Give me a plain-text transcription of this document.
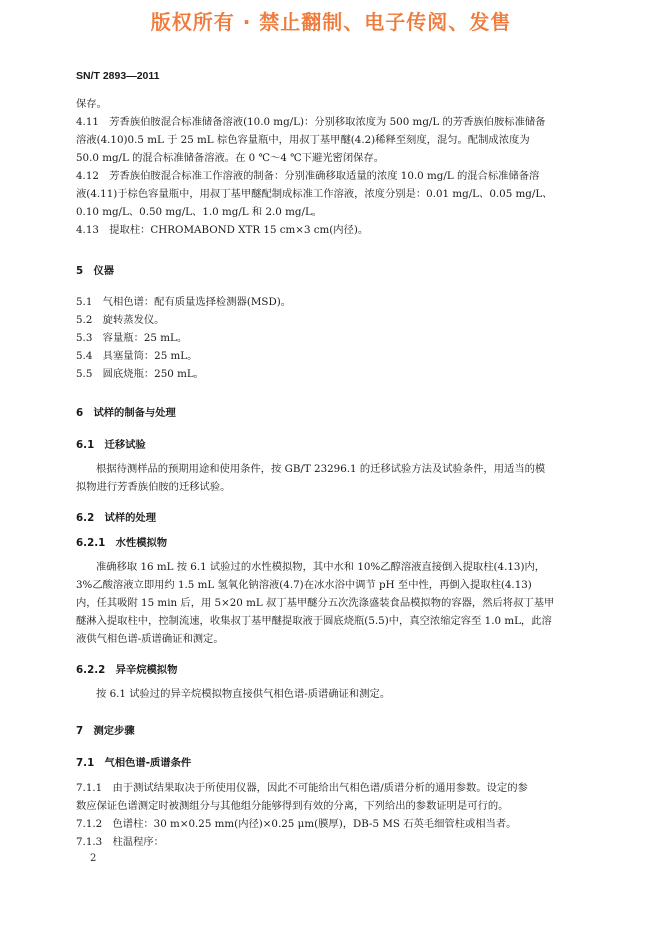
版权所有 · 禁止翻制、电子传阅、发售
SN/T 2893—2011
保存。
4.11　芳香族伯胺混合标准储备溶液(10.0 mg/L)：分别移取浓度为 500 mg/L 的芳香族伯胺标准储备
溶液(4.10)0.5 mL 于 25 mL 棕色容量瓶中，用叔丁基甲醚(4.2)稀释至刻度，混匀。配制成浓度为
50.0 mg/L 的混合标准储备溶液。在 0 ℃～4 ℃下避光密闭保存。
4.12　芳香族伯胺混合标准工作溶液的制备：分别准确移取适量的浓度 10.0 mg/L 的混合标准储备溶
液(4.11)于棕色容量瓶中，用叔丁基甲醚配制成标准工作溶液，浓度分别是：0.01 mg/L、0.05 mg/L、
0.10 mg/L、0.50 mg/L、1.0 mg/L 和 2.0 mg/L。
4.13　提取柱：CHROMABOND XTR 15 cm×3 cm(内径)。
5　仪器
5.1　气相色谱：配有质量选择检测器(MSD)。
5.2　旋转蒸发仪。
5.3　容量瓶：25 mL。
5.4　具塞量筒：25 mL。
5.5　圆底烧瓶：250 mL。
6　试样的制备与处理
6.1　迁移试验
根据待测样品的预期用途和使用条件，按 GB/T 23296.1 的迁移试验方法及试验条件，用适当的模
拟物进行芳香族伯胺的迁移试验。
6.2　试样的处理
6.2.1　水性模拟物
准确移取 16 mL 按 6.1 试验过的水性模拟物，其中水和 10%乙醇溶液直接倒入提取柱(4.13)内，
3%乙酸溶液立即用约 1.5 mL 氢氧化钠溶液(4.7)在冰水浴中调节 pH 至中性，再倒入提取柱(4.13)
内，任其吸附 15 min 后，用 5×20 mL 叔丁基甲醚分五次洗涤盛装食品模拟物的容器，然后将叔丁基甲
醚淋入提取柱中，控制流速，收集叔丁基甲醚提取液于圆底烧瓶(5.5)中，真空浓缩定容至 1.0 mL，此溶
液供气相色谱-质谱确证和测定。
6.2.2　异辛烷模拟物
按 6.1 试验过的异辛烷模拟物直接供气相色谱-质谱确证和测定。
7　测定步骤
7.1　气相色谱-质谱条件
7.1.1　由于测试结果取决于所使用仪器，因此不可能给出气相色谱/质谱分析的通用参数。设定的参
数应保证色谱测定时被测组分与其他组分能够得到有效的分离，下列给出的参数证明是可行的。
7.1.2　色谱柱：30 m×0.25 mm(内径)×0.25 μm(膜厚)，DB-5 MS 石英毛细管柱或相当者。
7.1.3　柱温程序：
2
